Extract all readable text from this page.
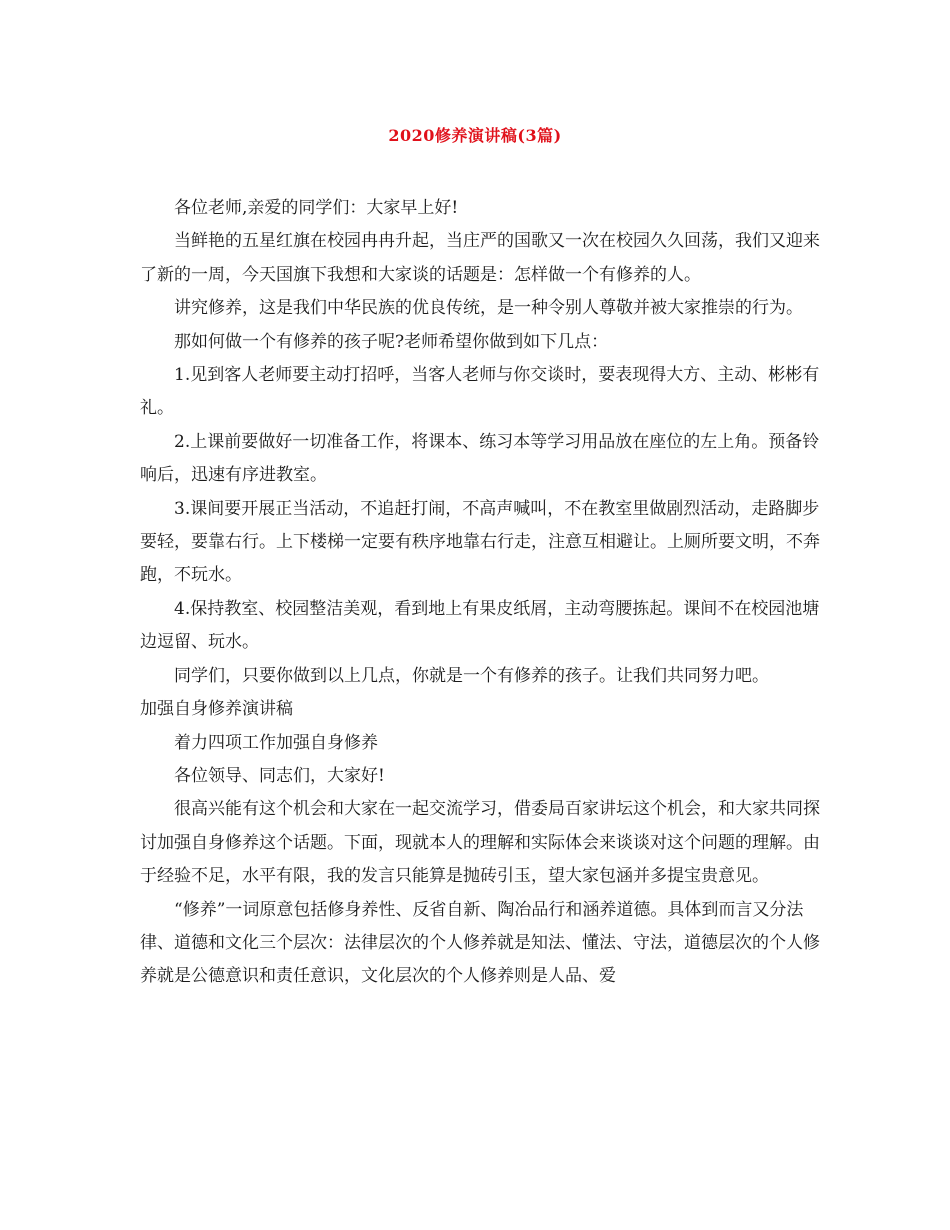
2020修养演讲稿(3篇)

各位老师,亲爱的同学们：大家早上好!

当鲜艳的五星红旗在校园冉冉升起，当庄严的国歌又一次在校园久久回荡，我们又迎来了新的一周，今天国旗下我想和大家谈的话题是：怎样做一个有修养的人。

讲究修养，这是我们中华民族的优良传统，是一种令别人尊敬并被大家推崇的行为。

那如何做一个有修养的孩子呢?老师希望你做到如下几点：

1.见到客人老师要主动打招呼，当客人老师与你交谈时，要表现得大方、主动、彬彬有礼。

2.上课前要做好一切准备工作，将课本、练习本等学习用品放在座位的左上角。预备铃响后，迅速有序进教室。

3.课间要开展正当活动，不追赶打闹，不高声喊叫，不在教室里做剧烈活动，走路脚步要轻，要靠右行。上下楼梯一定要有秩序地靠右行走，注意互相避让。上厕所要文明，不奔跑，不玩水。

4.保持教室、校园整洁美观，看到地上有果皮纸屑，主动弯腰拣起。课间不在校园池塘边逗留、玩水。

同学们，只要你做到以上几点，你就是一个有修养的孩子。让我们共同努力吧。

加强自身修养演讲稿

着力四项工作加强自身修养

各位领导、同志们，大家好!

很高兴能有这个机会和大家在一起交流学习，借委局百家讲坛这个机会，和大家共同探讨加强自身修养这个话题。下面，现就本人的理解和实际体会来谈谈对这个问题的理解。由于经验不足，水平有限，我的发言只能算是抛砖引玉，望大家包涵并多提宝贵意见。

“修养”一词原意包括修身养性、反省自新、陶冶品行和涵养道德。具体到而言又分法律、道德和文化三个层次：法律层次的个人修养就是知法、懂法、守法，道德层次的个人修养就是公德意识和责任意识，文化层次的个人修养则是人品、爱
